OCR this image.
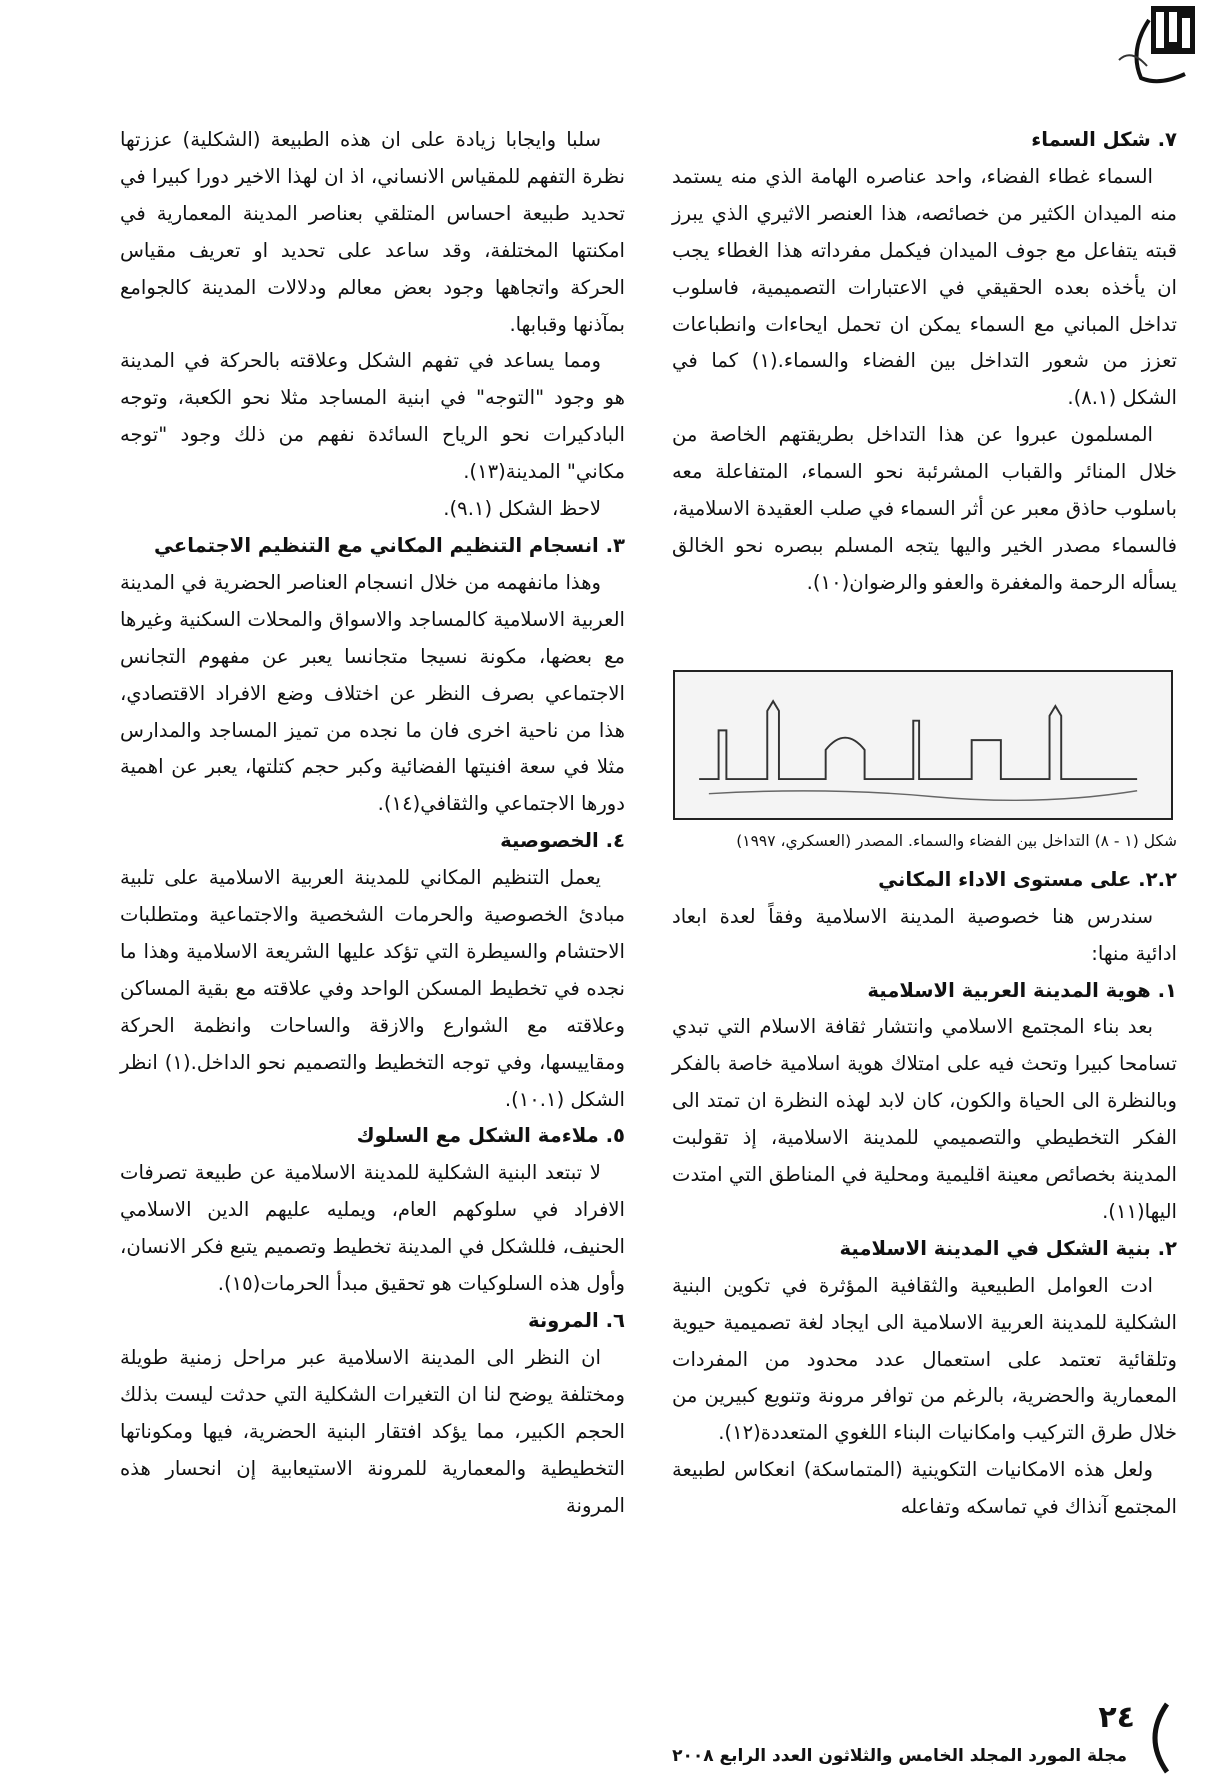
٧. شكل السماء

السماء غطاء الفضاء، واحد عناصره الهامة الذي منه يستمد منه الميدان الكثير من خصائصه، هذا العنصر الاثيري الذي يبرز قبته يتفاعل مع جوف الميدان فيكمل مفرداته هذا الغطاء يجب ان يأخذه بعده الحقيقي في الاعتبارات التصميمية، فاسلوب تداخل المباني مع السماء يمكن ان تحمل ايحاءات وانطباعات تعزز من شعور التداخل بين الفضاء والسماء.(١) كما في الشكل (٨.١).

المسلمون عبروا عن هذا التداخل بطريقتهم الخاصة من خلال المنائر والقباب المشرئبة نحو السماء، المتفاعلة معه باسلوب حاذق معبر عن أثر السماء في صلب العقيدة الاسلامية، فالسماء مصدر الخير واليها يتجه المسلم ببصره نحو الخالق يسأله الرحمة والمغفرة والعفو والرضوان(١٠).

شكل (١ - ٨) التداخل بين الفضاء والسماء. المصدر (العسكري، ١٩٩٧)
٢.٢. على مستوى الاداء المكاني

سندرس هنا خصوصية المدينة الاسلامية وفقاً لعدة ابعاد ادائية منها:

١. هوية المدينة العربية الاسلامية

بعد بناء المجتمع الاسلامي وانتشار ثقافة الاسلام التي تبدي تسامحا كبيرا وتحث فيه على امتلاك هوية اسلامية خاصة بالفكر وبالنظرة الى الحياة والكون، كان لابد لهذه النظرة ان تمتد الى الفكر التخطيطي والتصميمي للمدينة الاسلامية، إذ تقولبت المدينة بخصائص معينة اقليمية ومحلية في المناطق التي امتدت اليها(١١).

٢. بنية الشكل في المدينة الاسلامية

ادت العوامل الطبيعية والثقافية المؤثرة في تكوين البنية الشكلية للمدينة العربية الاسلامية الى ايجاد لغة تصميمية حيوية وتلقائية تعتمد على استعمال عدد محدود من المفردات المعمارية والحضرية، بالرغم من توافر مرونة وتنويع كبيرين من خلال طرق التركيب وامكانيات البناء اللغوي المتعددة(١٢).

ولعل هذه الامكانيات التكوينية (المتماسكة) انعكاس لطبيعة المجتمع آنذاك في تماسكه وتفاعله

سلبا وايجابا زيادة على ان هذه الطبيعة (الشكلية) عززتها نظرة التفهم للمقياس الانساني، اذ ان لهذا الاخير دورا كبيرا في تحديد طبيعة احساس المتلقي بعناصر المدينة المعمارية في امكنتها المختلفة، وقد ساعد على تحديد او تعريف مقياس الحركة واتجاهها وجود بعض معالم ودلالات المدينة كالجوامع بمآذنها وقبابها.

ومما يساعد في تفهم الشكل وعلاقته بالحركة في المدينة هو وجود "التوجه" في ابنية المساجد مثلا نحو الكعبة، وتوجه البادكيرات نحو الرياح السائدة نفهم من ذلك وجود "توجه مكاني" المدينة(١٣).

لاحظ الشكل (٩.١).

٣. انسجام التنظيم المكاني مع التنظيم الاجتماعي

وهذا مانفهمه من خلال انسجام العناصر الحضرية في المدينة العربية الاسلامية كالمساجد والاسواق والمحلات السكنية وغيرها مع بعضها، مكونة نسيجا متجانسا يعبر عن مفهوم التجانس الاجتماعي بصرف النظر عن اختلاف وضع الافراد الاقتصادي، هذا من ناحية اخرى فان ما نجده من تميز المساجد والمدارس مثلا في سعة افنيتها الفضائية وكبر حجم كتلتها، يعبر عن اهمية دورها الاجتماعي والثقافي(١٤).

٤. الخصوصية

يعمل التنظيم المكاني للمدينة العربية الاسلامية على تلبية مبادئ الخصوصية والحرمات الشخصية والاجتماعية ومتطلبات الاحتشام والسيطرة التي تؤكد عليها الشريعة الاسلامية وهذا ما نجده في تخطيط المسكن الواحد وفي علاقته مع بقية المساكن وعلاقته مع الشوارع والازقة والساحات وانظمة الحركة ومقاييسها، وفي توجه التخطيط والتصميم نحو الداخل.(١) انظر الشكل (١٠.١).

٥. ملاءمة الشكل مع السلوك

لا تبتعد البنية الشكلية للمدينة الاسلامية عن طبيعة تصرفات الافراد في سلوكهم العام، ويمليه عليهم الدين الاسلامي الحنيف، فللشكل في المدينة تخطيط وتصميم يتبع فكر الانسان، وأول هذه السلوكيات هو تحقيق مبدأ الحرمات(١٥).

٦. المرونة

ان النظر الى المدينة الاسلامية عبر مراحل زمنية طويلة ومختلفة يوضح لنا ان التغيرات الشكلية التي حدثت ليست بذلك الحجم الكبير، مما يؤكد افتقار البنية الحضرية، فيها ومكوناتها التخطيطية والمعمارية للمرونة الاستيعابية إن انحسار هذه المرونة

٢٤
مجلة المورد المجلد الخامس والثلاثون العدد الرابع ٢٠٠٨
